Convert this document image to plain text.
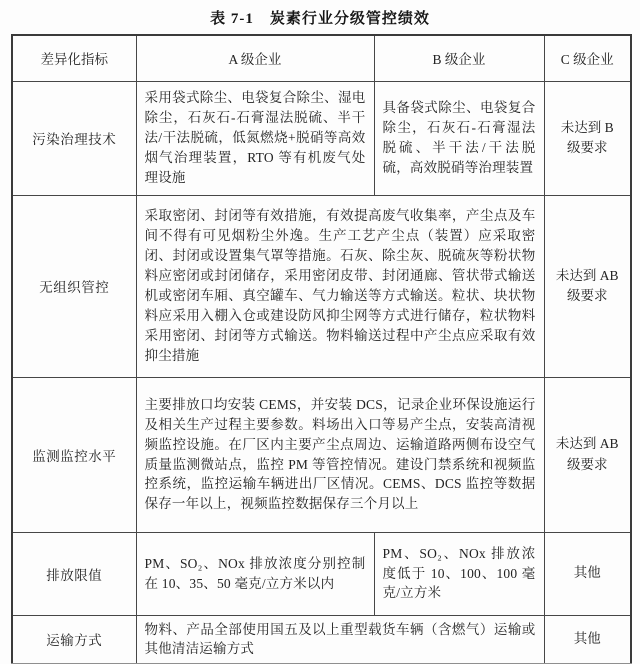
表 7-1　炭素行业分级管控绩效
差异化指标	A 级企业	B 级企业	C 级企业
污染治理技术	采用袋式除尘、电袋复合除尘、湿电除尘，石灰石-石膏湿法脱硫、半干法/干法脱硫，低氮燃烧+脱硝等高效烟气治理装置，RTO 等有机废气处理设施	具备袋式除尘、电袋复合除尘，石灰石-石膏湿法脱硫、半干法/干法脱硫，高效脱硝等治理装置	未达到 B 级要求
无组织管控	采取密闭、封闭等有效措施，有效提高废气收集率，产尘点及车间不得有可见烟粉尘外逸。生产工艺产尘点（装置）应采取密闭、封闭或设置集气罩等措施。石灰、除尘灰、脱硫灰等粉状物料应密闭或封闭储存，采用密闭皮带、封闭通廊、管状带式输送机或密闭车厢、真空罐车、气力输送等方式输送。粒状、块状物料应采用入棚入仓或建设防风抑尘网等方式进行储存，粒状物料采用密闭、封闭等方式输送。物料输送过程中产尘点应采取有效抑尘措施		未达到 AB 级要求
监测监控水平	主要排放口均安装 CEMS，并安装 DCS，记录企业环保设施运行及相关生产过程主要参数。料场出入口等易产尘点，安装高清视频监控设施。在厂区内主要产尘点周边、运输道路两侧布设空气质量监测微站点，监控 PM 等管控情况。建设门禁系统和视频监控系统，监控运输车辆进出厂区情况。CEMS、DCS 监控等数据保存一年以上，视频监控数据保存三个月以上		未达到 AB 级要求
排放限值	PM、SO₂、NOx 排放浓度分别控制在 10、35、50 毫克/立方米以内	PM、SO₂、NOx 排放浓度低于 10、100、100 毫克/立方米	其他
运输方式	物料、产品全部使用国五及以上重型载货车辆（含燃气）运输或其他清洁运输方式		其他
